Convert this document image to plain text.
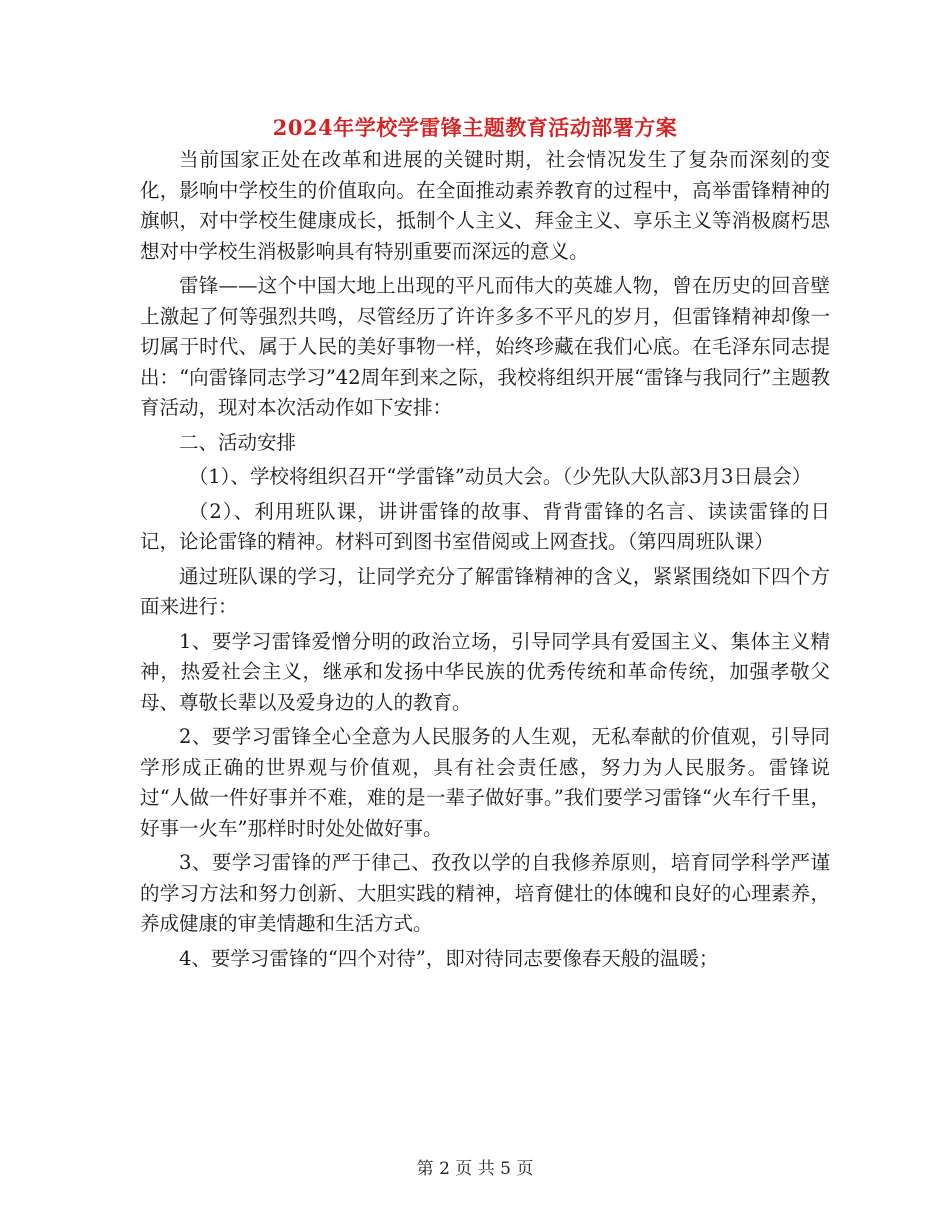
2024年学校学雷锋主题教育活动部署方案

当前国家正处在改革和进展的关键时期，社会情况发生了复杂而深刻的变化，影响中学校生的价值取向。在全面推动素养教育的过程中，高举雷锋精神的旗帜，对中学校生健康成长，抵制个人主义、拜金主义、享乐主义等消极腐朽思想对中学校生消极影响具有特别重要而深远的意义。

雷锋——这个中国大地上出现的平凡而伟大的英雄人物，曾在历史的回音壁上激起了何等强烈共鸣，尽管经历了许许多多不平凡的岁月，但雷锋精神却像一切属于时代、属于人民的美好事物一样，始终珍藏在我们心底。在毛泽东同志提出：“向雷锋同志学习”42周年到来之际，我校将组织开展“雷锋与我同行”主题教育活动，现对本次活动作如下安排：

二、活动安排

（1）、学校将组织召开“学雷锋”动员大会。（少先队大队部3月3日晨会）

（2）、利用班队课，讲讲雷锋的故事、背背雷锋的名言、读读雷锋的日记，论论雷锋的精神。材料可到图书室借阅或上网查找。（第四周班队课）

通过班队课的学习，让同学充分了解雷锋精神的含义，紧紧围绕如下四个方面来进行：

1、要学习雷锋爱憎分明的政治立场，引导同学具有爱国主义、集体主义精神，热爱社会主义，继承和发扬中华民族的优秀传统和革命传统，加强孝敬父母、尊敬长辈以及爱身边的人的教育。

2、要学习雷锋全心全意为人民服务的人生观，无私奉献的价值观，引导同学形成正确的世界观与价值观，具有社会责任感，努力为人民服务。雷锋说过“人做一件好事并不难，难的是一辈子做好事。”我们要学习雷锋“火车行千里，好事一火车”那样时时处处做好事。

3、要学习雷锋的严于律己、孜孜以学的自我修养原则，培育同学科学严谨的学习方法和努力创新、大胆实践的精神，培育健壮的体魄和良好的心理素养，养成健康的审美情趣和生活方式。

4、要学习雷锋的“四个对待”，即对待同志要像春天般的温暖；

第 2 页 共 5 页
